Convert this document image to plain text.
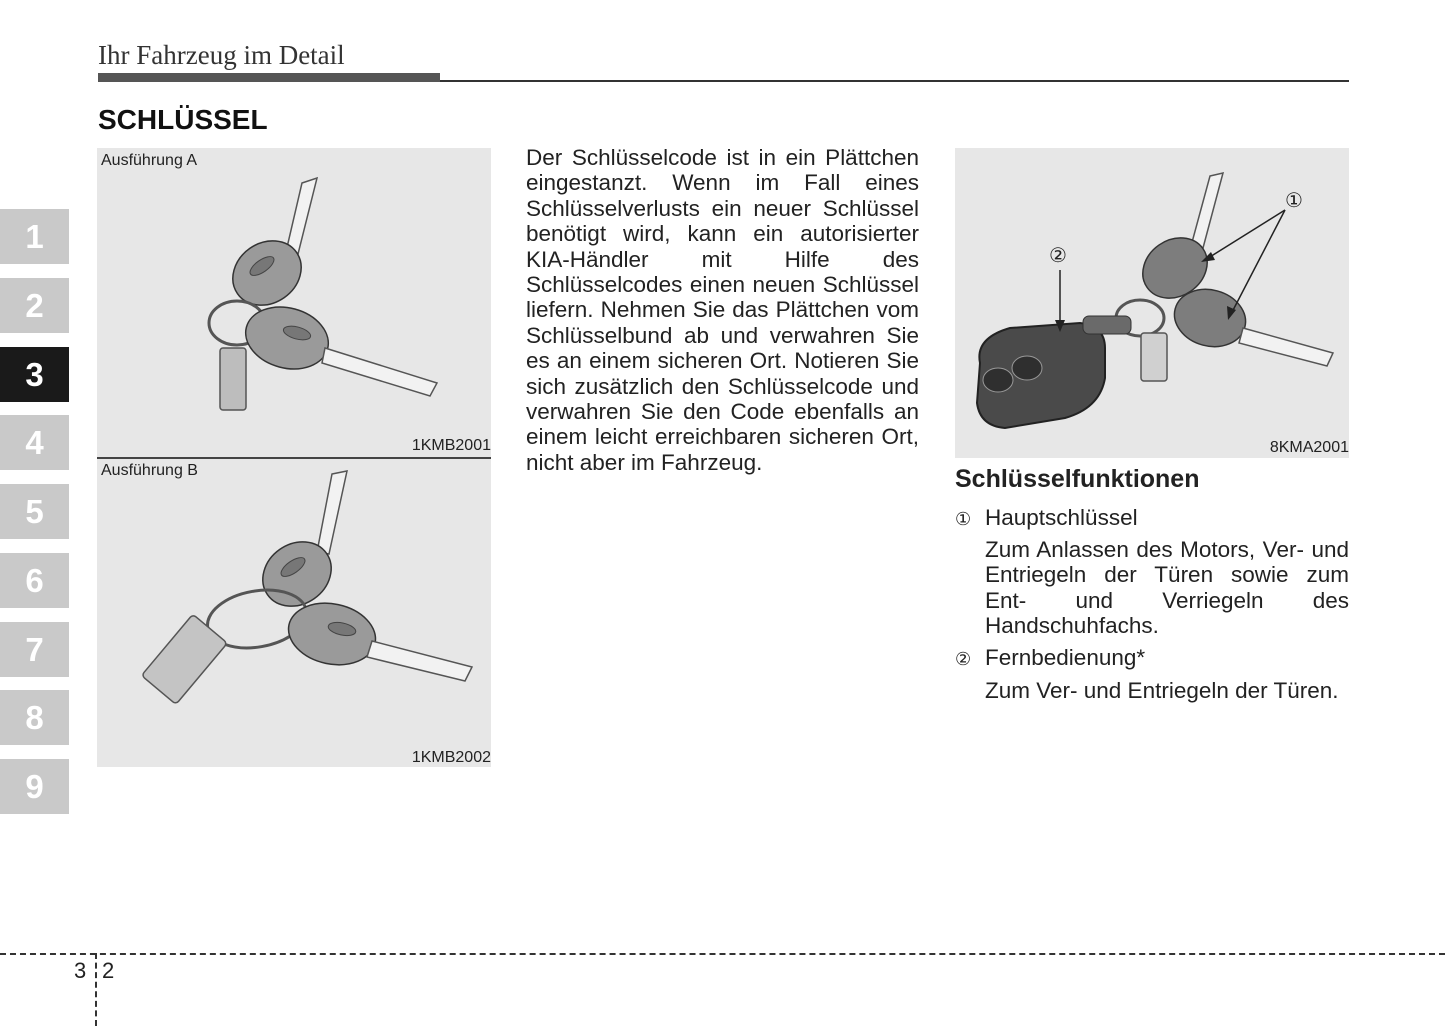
Ihr Fahrzeug im Detail
SCHLÜSSEL
1
2
3
4
5
6
7
8
9
Ausführung A
1KMB2001
Ausführung B
1KMB2002
Der Schlüsselcode ist in ein Plättchen eingestanzt. Wenn im Fall eines Schlüsselverlusts ein neuer Schlüssel benötigt wird, kann ein autorisierter KIA-Händler mit Hilfe des Schlüsselcodes einen neuen Schlüssel liefern. Nehmen Sie das Plättchen vom Schlüsselbund ab und verwahren Sie es an einem sicheren Ort. Notieren Sie sich zusätzlich den Schlüsselcode und verwahren Sie den Code ebenfalls an einem leicht erreichbaren sicheren Ort, nicht aber im Fahrzeug.
①
②
8KMA2001
Schlüsselfunktionen
① Hauptschlüssel
Zum Anlassen des Motors, Ver- und Entriegeln der Türen sowie zum Ent- und Verriegeln des Handschuhfachs.
② Fernbedienung*
Zum Ver- und Entriegeln der Türen.
3 2
